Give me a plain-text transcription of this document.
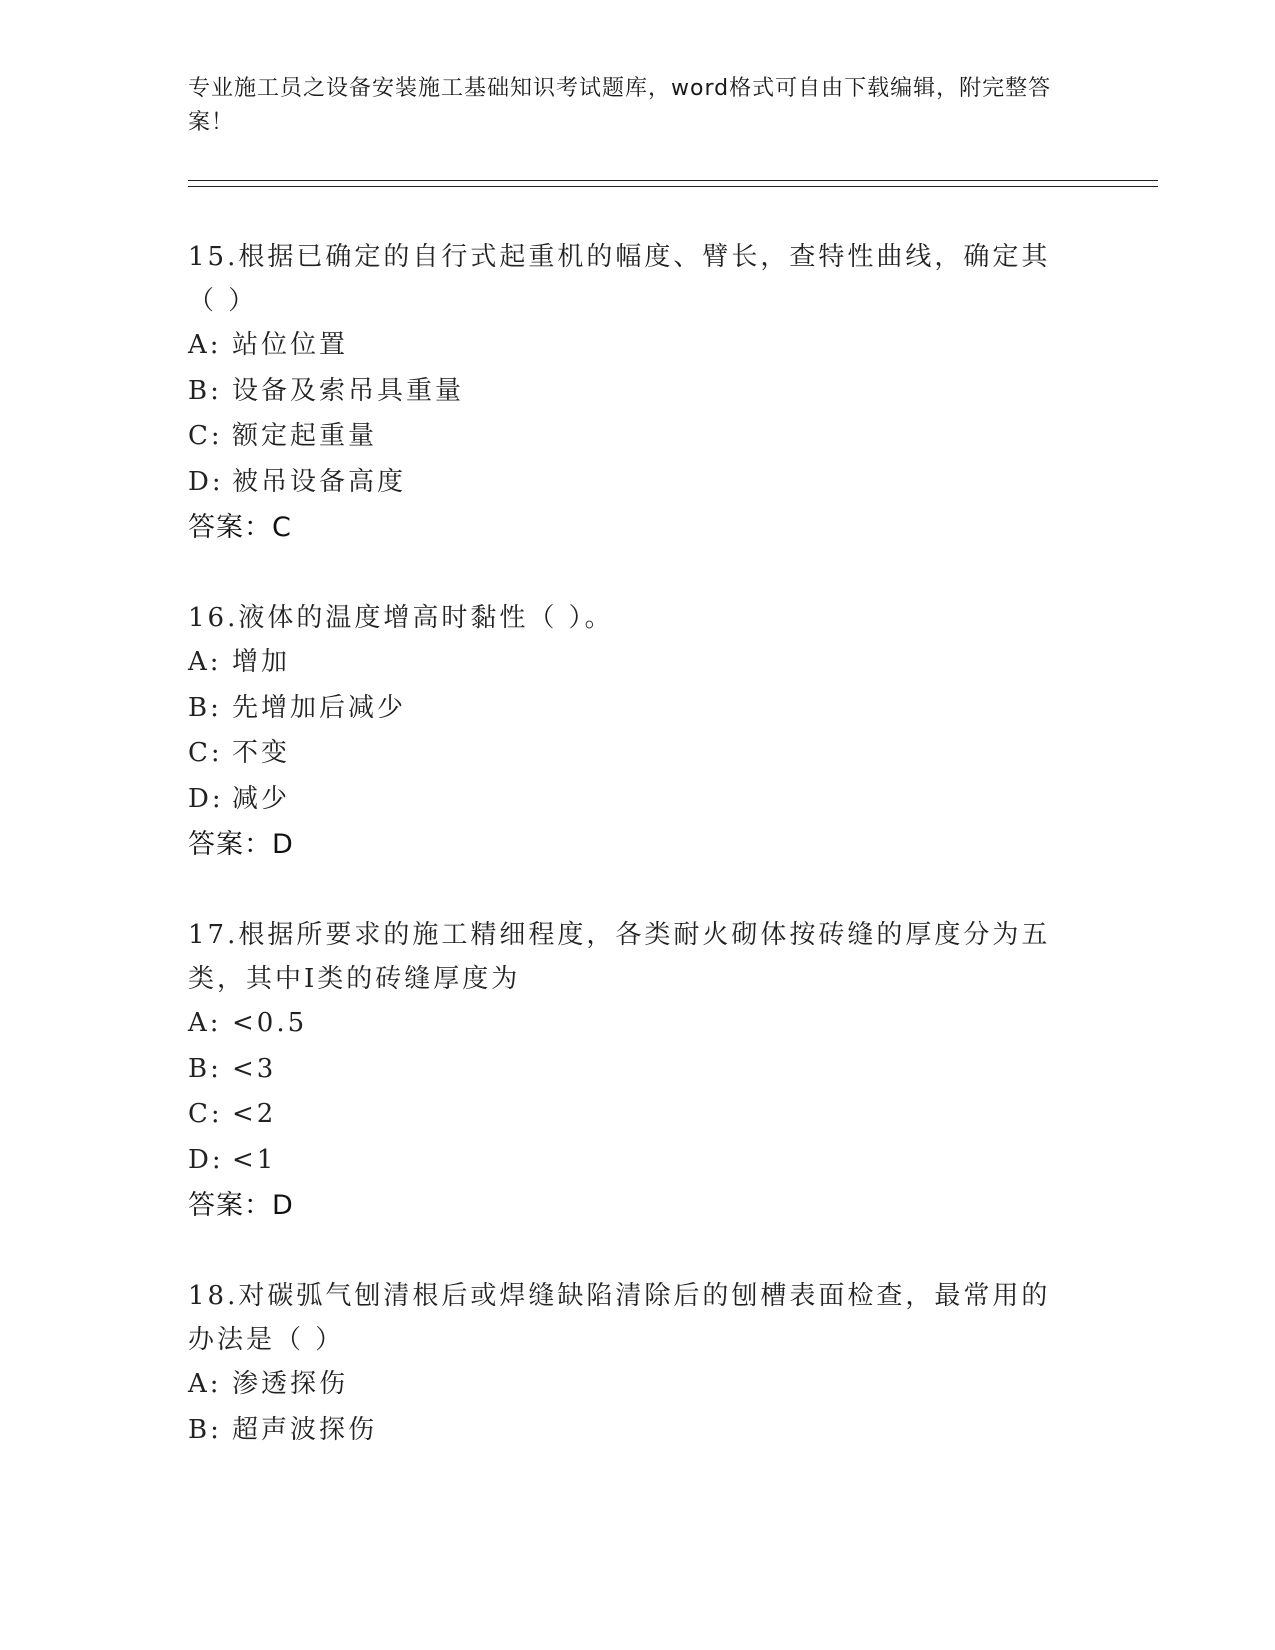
专业施工员之设备安装施工基础知识考试题库，word格式可自由下载编辑，附完整答案！
15.根据已确定的自行式起重机的幅度、臂长，查特性曲线，确定其（ ）
A: 站位位置
B: 设备及索吊具重量
C: 额定起重量
D: 被吊设备高度
答案：C
16.液体的温度增高时黏性（ ）。
A: 增加
B: 先增加后减少
C: 不变
D: 减少
答案：D
17.根据所要求的施工精细程度，各类耐火砌体按砖缝的厚度分为五类，其中Ⅰ类的砖缝厚度为
A: <0.5
B: <3
C: <2
D: <1
答案：D
18.对碳弧气刨清根后或焊缝缺陷清除后的刨槽表面检查，最常用的办法是（ ）
A: 渗透探伤
B: 超声波探伤
